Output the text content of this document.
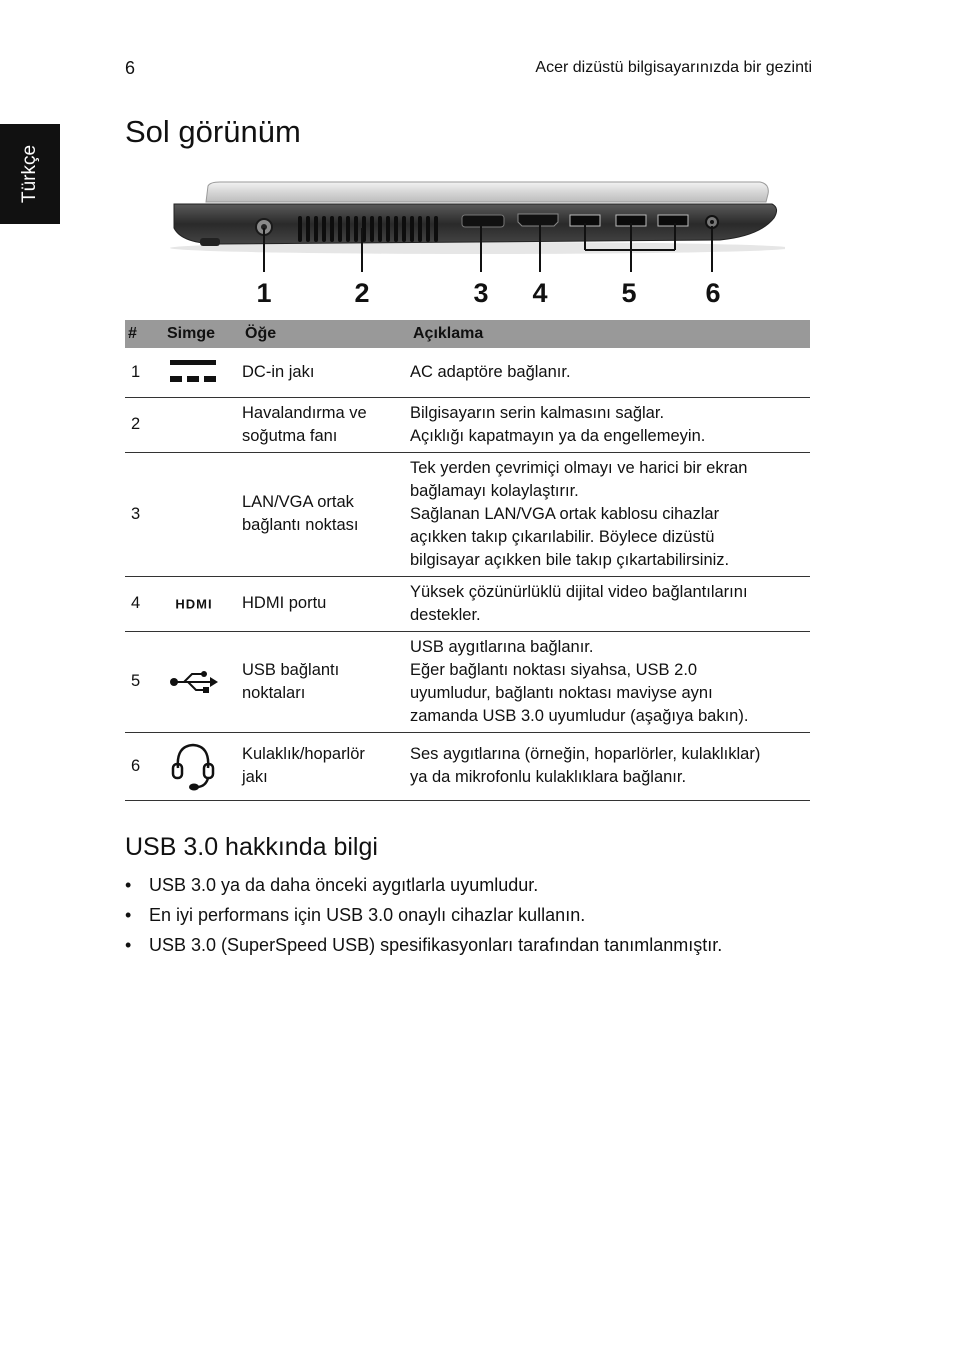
6	Acer dizüstü bilgisayarınızda bir gezinti
Türkçe
Sol görünüm
1	2	3 4	5	6
#	Simge	Öğe	Açıklama
1		DC-in jakı	AC adaptöre bağlanır.

2		Havalandırma ve
soğutma fanı	Bilgisayarın serin kalmasını sağlar.
Açıklığı kapatmayın ya da engellemeyin.

3		LAN/VGA ortak
bağlantı noktası	Tek yerden çevrimiçi olmayı ve harici bir ekran
bağlamayı kolaylaştırır.
Sağlanan LAN/VGA ortak kablosu cihazlar
açıkken takıp çıkarılabilir. Böylece dizüstü
bilgisayar açıkken bile takıp çıkartabilirsiniz.

4	HDMI	HDMI portu	Yüksek çözünürlüklü dijital video bağlantılarını
destekler.

5		USB bağlantı
noktaları	USB aygıtlarına bağlanır.
Eğer bağlantı noktası siyahsa, USB 2.0
uyumludur, bağlantı noktası maviyse aynı
zamanda USB 3.0 uyumludur (aşağıya bakın).

6		Kulaklık/hoparlör
jakı	Ses aygıtlarına (örneğin, hoparlörler, kulaklıklar)
ya da mikrofonlu kulaklıklara bağlanır.
USB 3.0 hakkında bilgi
• USB 3.0 ya da daha önceki aygıtlarla uyumludur.
• En iyi performans için USB 3.0 onaylı cihazlar kullanın.
• USB 3.0 (SuperSpeed USB) spesifikasyonları tarafından tanımlanmıştır.
